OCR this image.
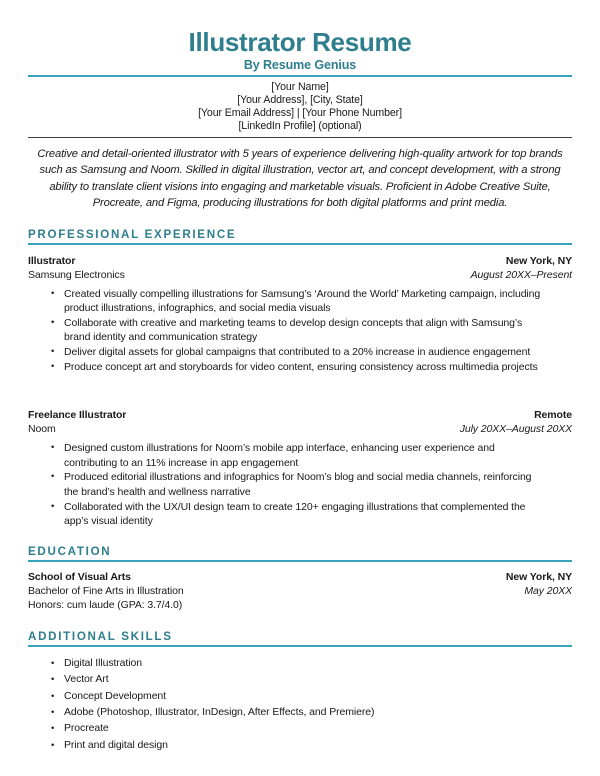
Illustrator Resume
By Resume Genius
[Your Name]
[Your Address], [City, State]
[Your Email Address] | [Your Phone Number]
[LinkedIn Profile] (optional)

Creative and detail-oriented illustrator with 5 years of experience delivering high-quality artwork for top brands such as Samsung and Noom. Skilled in digital illustration, vector art, and concept development, with a strong ability to translate client visions into engaging and marketable visuals. Proficient in Adobe Creative Suite, Procreate, and Figma, producing illustrations for both digital platforms and print media.

PROFESSIONAL EXPERIENCE
Illustrator	New York, NY
Samsung Electronics	August 20XX–Present
• Created visually compelling illustrations for Samsung’s ‘Around the World’ Marketing campaign, including product illustrations, infographics, and social media visuals
• Collaborate with creative and marketing teams to develop design concepts that align with Samsung’s brand identity and communication strategy
• Deliver digital assets for global campaigns that contributed to a 20% increase in audience engagement
• Produce concept art and storyboards for video content, ensuring consistency across multimedia projects
Freelance Illustrator	Remote
Noom	July 20XX–August 20XX
• Designed custom illustrations for Noom’s mobile app interface, enhancing user experience and contributing to an 11% increase in app engagement
• Produced editorial illustrations and infographics for Noom’s blog and social media channels, reinforcing the brand’s health and wellness narrative
• Collaborated with the UX/UI design team to create 120+ engaging illustrations that complemented the app’s visual identity
EDUCATION
School of Visual Arts	New York, NY
Bachelor of Fine Arts in Illustration	May 20XX
Honors: cum laude (GPA: 3.7/4.0)
ADDITIONAL SKILLS
• Digital Illustration
• Vector Art
• Concept Development
• Adobe (Photoshop, Illustrator, InDesign, After Effects, and Premiere)
• Procreate
• Print and digital design
